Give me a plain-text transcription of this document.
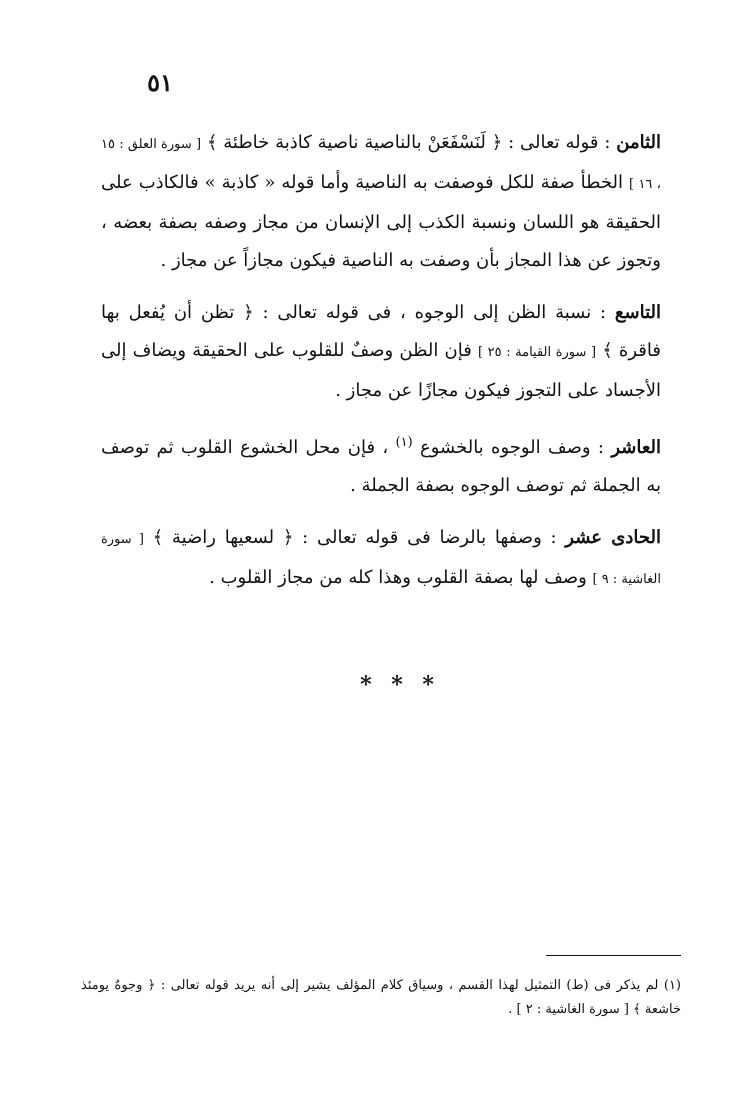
٥١

الثامن : قوله تعالى : ﴿ لَنَسْفَعَنْ بالناصية ناصية كاذبة خاطئة ﴾ [ سورة العلق : ١٥ ، ١٦ ] الخطأ صفة للكل فوصفت به الناصية وأما قوله « كاذبة » فالكاذب على الحقيقة هو اللسان ونسبة الكذب إلى الإنسان من مجاز وصفه بصفة بعضه ، وتجوز عن هذا المجاز بأن وصفت به الناصية فيكون مجازاً عن مجاز .

التاسع : نسبة الظن إلى الوجوه ، فى قوله تعالى : ﴿ تظن أن يُفعل بها فاقرة ﴾ [ سورة القيامة : ٢٥ ] فإن الظن وصفٌ للقلوب على الحقيقة ويضاف إلى الأجساد على التجوز فيكون مجازًا عن مجاز .

العاشر : وصف الوجوه بالخشوع $^{(١)}$ ، فإن محل الخشوع القلوب ثم توصف به الجملة ثم توصف الوجوه بصفة الجملة .

الحادى عشر : وصفها بالرضا فى قوله تعالى : ﴿ لسعيها راضية ﴾ [ سورة الغاشية : ٩ ] وصف لها بصفة القلوب وهذا كله من مجاز القلوب .

* * *
(١) لم يذكر فى (ط) التمثيل لهذا القسم ، وسياق كلام المؤلف يشير إلى أنه يريد قوله تعالى : ﴿ وجوهٌ يومئذ خاشعة ﴾ [ سورة الغاشية : ٢ ] .
